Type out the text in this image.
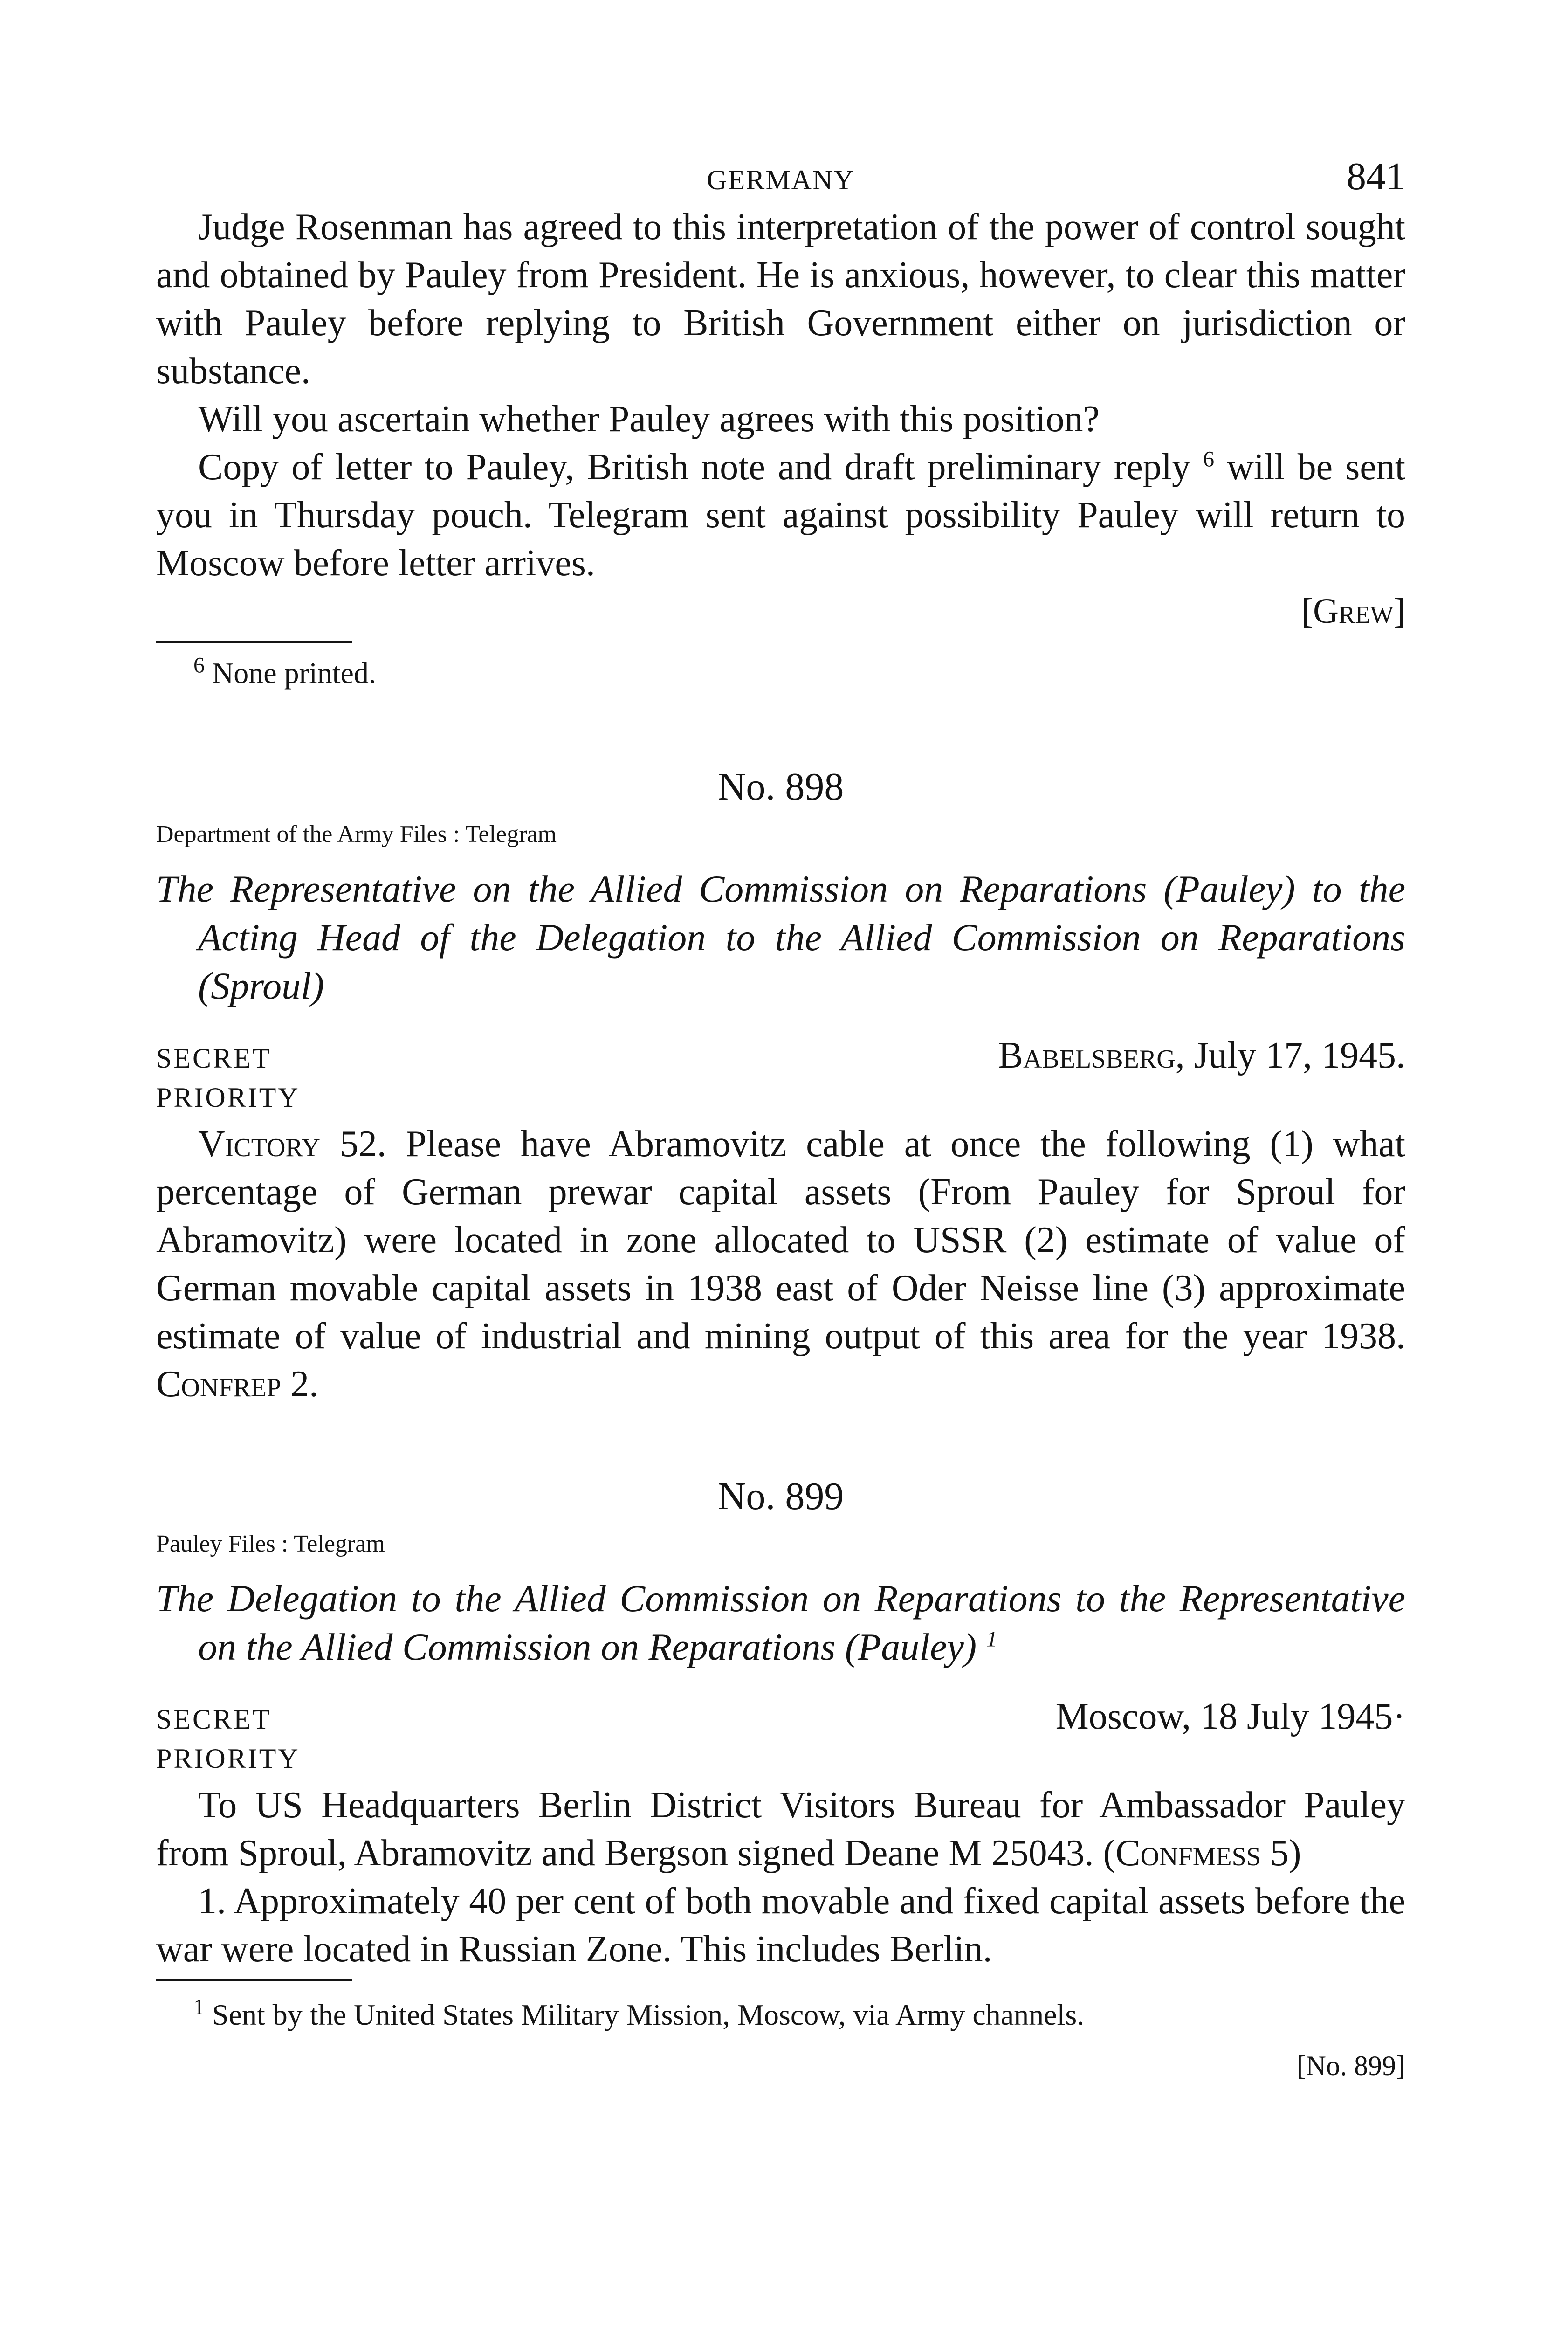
GERMANY	841

Judge Rosenman has agreed to this interpretation of the power of control sought and obtained by Pauley from President. He is anxious, however, to clear this matter with Pauley before replying to British Government either on jurisdiction or substance.

Will you ascertain whether Pauley agrees with this position?

Copy of letter to Pauley, British note and draft preliminary reply $^6$ will be sent you in Thursday pouch. Telegram sent against possibility Pauley will return to Moscow before letter arrives.

[Grew]

$^6$ None printed.

No. 898

Department of the Army Files : Telegram

The Representative on the Allied Commission on Reparations (Pauley) to the Acting Head of the Delegation to the Allied Commission on Reparations (Sproul)

SECRET	Babelsberg, July 17, 1945.
PRIORITY

Victory 52. Please have Abramovitz cable at once the following (1) what percentage of German prewar capital assets (From Pauley for Sproul for Abramovitz) were located in zone allocated to USSR (2) estimate of value of German movable capital assets in 1938 east of Oder Neisse line (3) approximate estimate of value of industrial and mining output of this area for the year 1938. Confrep 2.

No. 899

Pauley Files : Telegram

The Delegation to the Allied Commission on Reparations to the Representative on the Allied Commission on Reparations (Pauley) $^1$

SECRET	Moscow, 18 July 1945·
PRIORITY

To US Headquarters Berlin District Visitors Bureau for Ambassador Pauley from Sproul, Abramovitz and Bergson signed Deane M 25043. (Confmess 5)

1. Approximately 40 per cent of both movable and fixed capital assets before the war were located in Russian Zone. This includes Berlin.

$^1$ Sent by the United States Military Mission, Moscow, via Army channels.

[No. 899]
